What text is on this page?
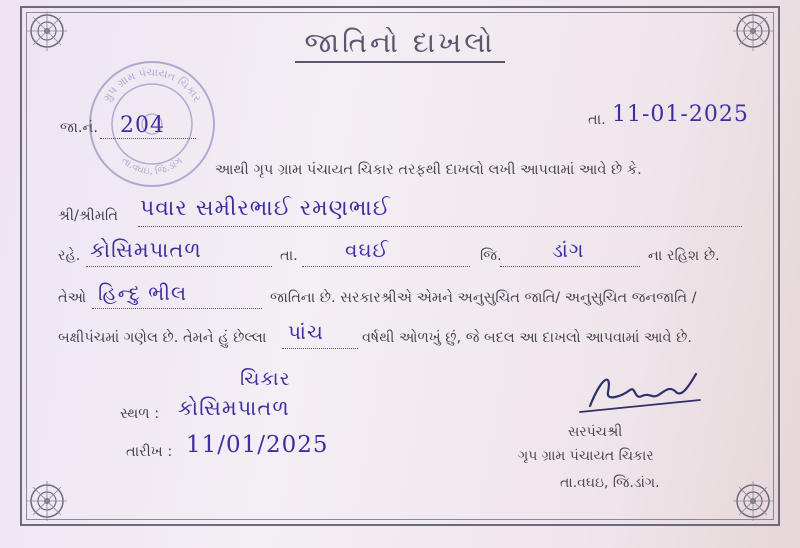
જાતિનો દાખલો
ગ્રુપ ગ્રામ પંચાયત ચિકાર
તા.વઘઇ, જિ.ડાંગ
જા.નં. 204	તા. 11-01-2025
આથી ગૃપ ગ્રામ પંચાયત ચિકાર તરફથી દાખલો લખી આપવામાં આવે છે કે.
શ્રી/શ્રીમતિ પવાર સમીરભાઈ રમણભાઈ
રહે. કોસિમપાતળ	તા. વઘઈ	જિ.	ડાંગ	ના રહિશ છે.
તેઓ હિન્દુ ભીલ	જાતિના છે. સરકારશ્રીએ એમને અનુસુચિત જાતિ/ અનુસુચિત જનજાતિ /
બક્ષીપંચમાં ગણેલ છે. તેમને હું છેલ્લા પાંચ	વર્ષથી ઓળખું છું, જે બદલ આ દાખલો આપવામાં આવે છે.
ચિકાર
સ્થળ : કોસિમપાતળ
તારીખ : 11/01/2025	સરપંચશ્રી
ગૃપ ગ્રામ પંચાયત ચિકાર
તા.વઘઇ, જિ.ડાંગ.
